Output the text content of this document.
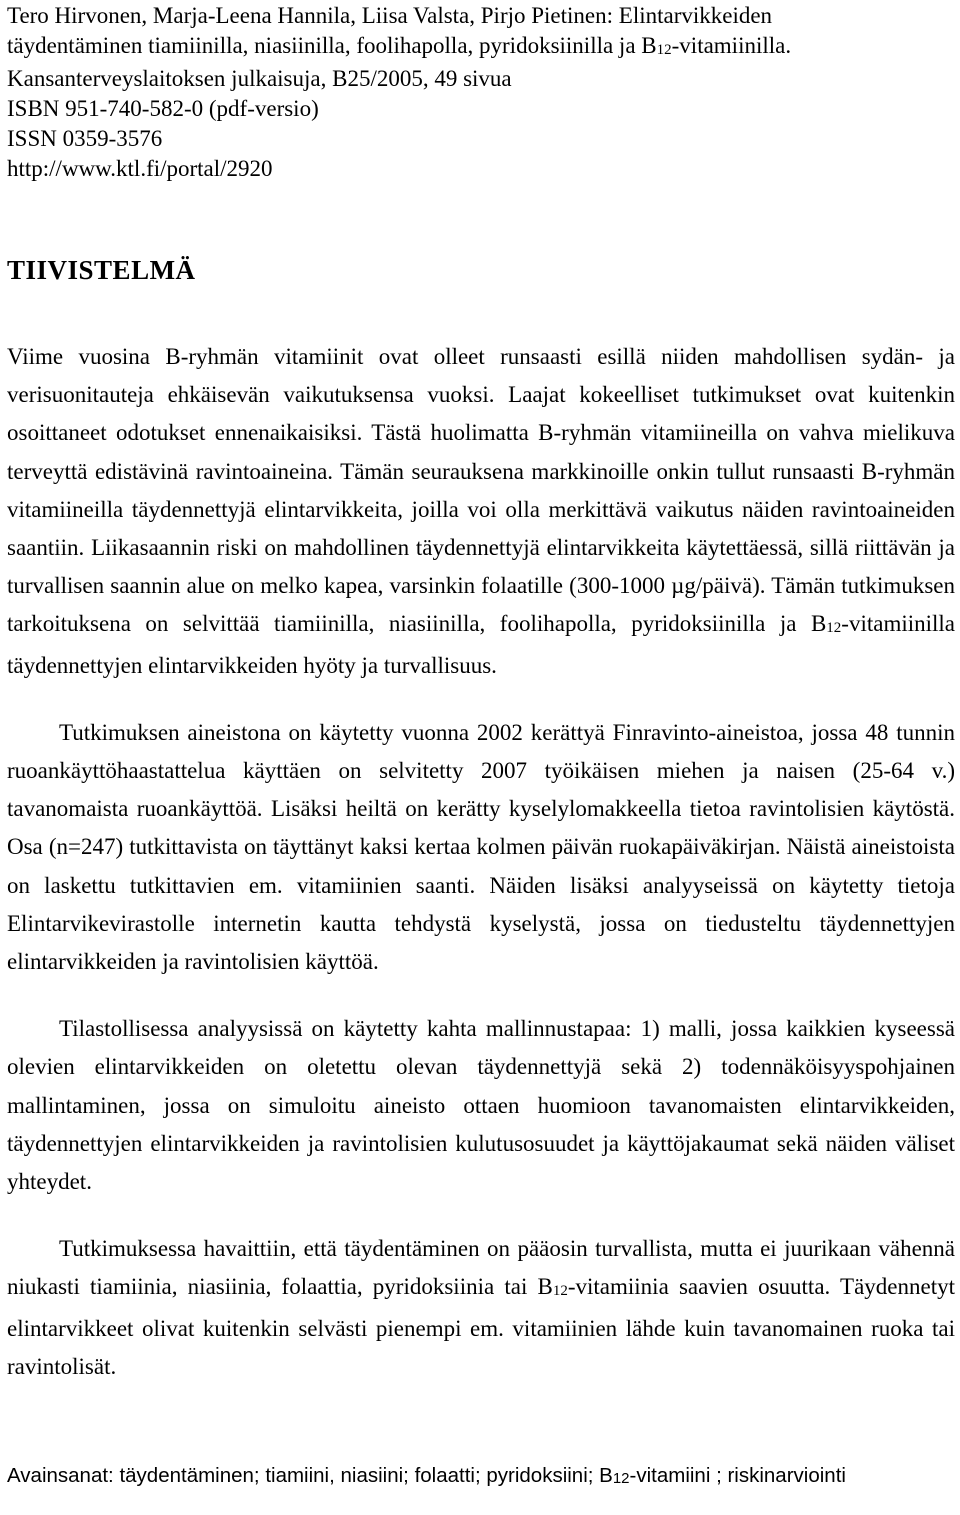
Tero Hirvonen, Marja-Leena Hannila, Liisa Valsta, Pirjo Pietinen: Elintarvikkeiden
täydentäminen tiamiinilla, niasiinilla, foolihapolla, pyridoksiinilla ja $B_{12}$-vitamiinilla.
Kansanterveyslaitoksen julkaisuja, B25/2005, 49 sivua
ISBN 951-740-582-0 (pdf-versio)
ISSN 0359-3576
http://www.ktl.fi/portal/2920
TIIVISTELMÄ

Viime vuosina B-ryhmän vitamiinit ovat olleet runsaasti esillä niiden mahdollisen sydän- ja verisuonitauteja ehkäisevän vaikutuksensa vuoksi. Laajat kokeelliset tutkimukset ovat kuitenkin osoittaneet odotukset ennenaikaisiksi. Tästä huolimatta B-ryhmän vitamiineilla on vahva mielikuva terveyttä edistävinä ravintoaineina. Tämän seurauksena markkinoille onkin tullut runsaasti B-ryhmän vitamiineilla täydennettyjä elintarvikkeita, joilla voi olla merkittävä vaikutus näiden ravintoaineiden saantiin. Liikasaannin riski on mahdollinen täydennettyjä elintarvikkeita käytettäessä, sillä riittävän ja turvallisen saannin alue on melko kapea, varsinkin folaatille (300-1000 µg/päivä). Tämän tutkimuksen tarkoituksena on selvittää tiamiinilla, niasiinilla, foolihapolla, pyridoksiinilla ja $B_{12}$-vitamiinilla täydennettyjen elintarvikkeiden hyöty ja turvallisuus.

Tutkimuksen aineistona on käytetty vuonna 2002 kerättyä Finravinto-aineistoa, jossa 48 tunnin ruoankäyttöhaastattelua käyttäen on selvitetty 2007 työikäisen miehen ja naisen (25-64 v.) tavanomaista ruoankäyttöä. Lisäksi heiltä on kerätty kyselylomakkeella tietoa ravintolisien käytöstä. Osa (n=247) tutkittavista on täyttänyt kaksi kertaa kolmen päivän ruokapäiväkirjan. Näistä aineistoista on laskettu tutkittavien em. vitamiinien saanti. Näiden lisäksi analyyseissä on käytetty tietoja Elintarvikevirastolle internetin kautta tehdystä kyselystä, jossa on tiedusteltu täydennettyjen elintarvikkeiden ja ravintolisien käyttöä.

Tilastollisessa analyysissä on käytetty kahta mallinnustapaa: 1) malli, jossa kaikkien kyseessä olevien elintarvikkeiden on oletettu olevan täydennettyjä sekä 2) todennäköisyyspohjainen mallintaminen, jossa on simuloitu aineisto ottaen huomioon tavanomaisten elintarvikkeiden, täydennettyjen elintarvikkeiden ja ravintolisien kulutusosuudet ja käyttöjakaumat sekä näiden väliset yhteydet.

Tutkimuksessa havaittiin, että täydentäminen on pääosin turvallista, mutta ei juurikaan vähennä niukasti tiamiinia, niasiinia, folaattia, pyridoksiinia tai $B_{12}$-vitamiinia saavien osuutta. Täydennetyt elintarvikkeet olivat kuitenkin selvästi pienempi em. vitamiinien lähde kuin tavanomainen ruoka tai ravintolisät.

Avainsanat: täydentäminen; tiamiini, niasiini; folaatti; pyridoksiini; $B_{12}$-vitamiini ; riskinarviointi
